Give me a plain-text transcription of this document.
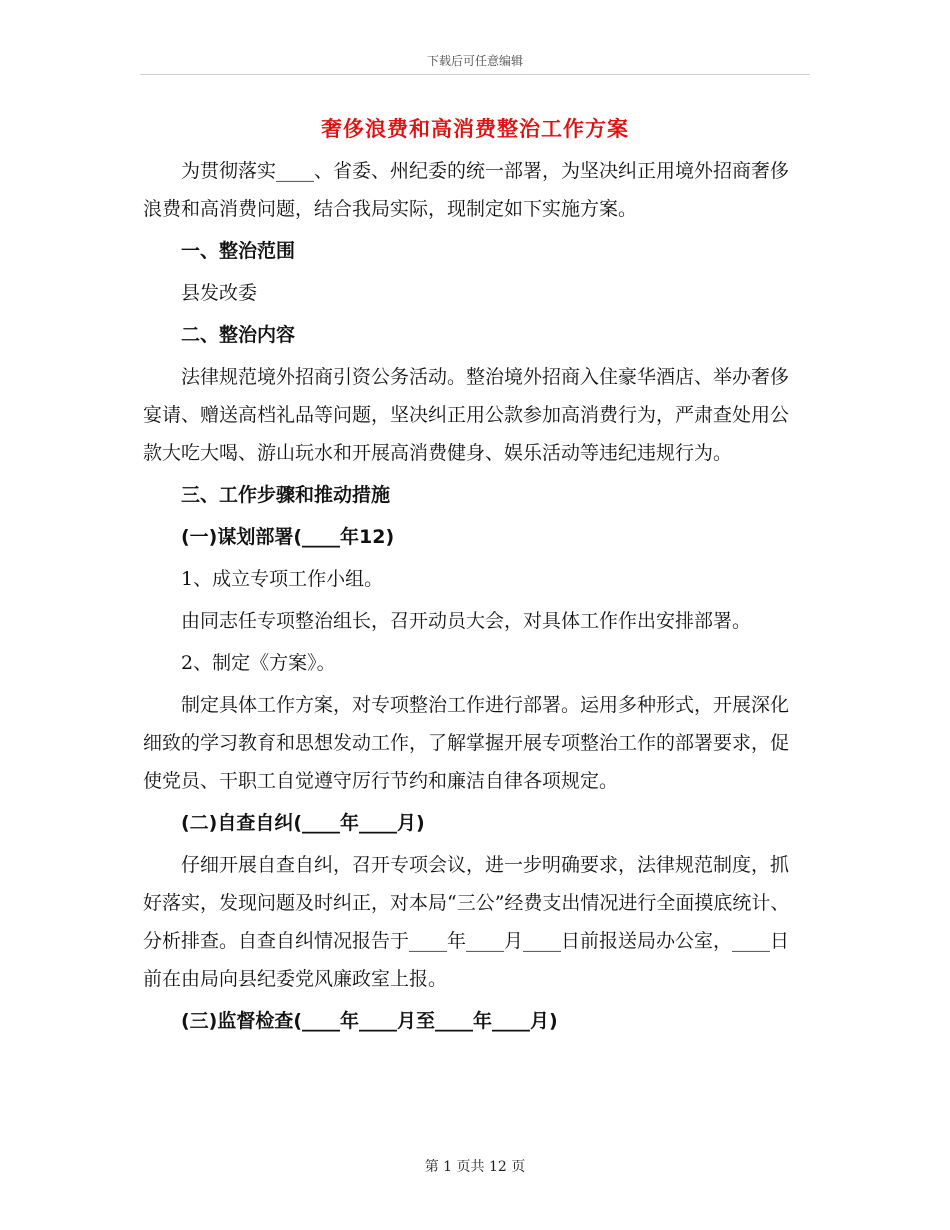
下载后可任意编辑
奢侈浪费和高消费整治工作方案

为贯彻落实____、省委、州纪委的统一部署，为坚决纠正用境外招商奢侈浪费和高消费问题，结合我局实际，现制定如下实施方案。

一、整治范围

县发改委

二、整治内容

法律规范境外招商引资公务活动。整治境外招商入住豪华酒店、举办奢侈宴请、赠送高档礼品等问题，坚决纠正用公款参加高消费行为，严肃查处用公款大吃大喝、游山玩水和开展高消费健身、娱乐活动等违纪违规行为。

三、工作步骤和推动措施

(一)谋划部署(____年12)

1、成立专项工作小组。

由同志任专项整治组长，召开动员大会，对具体工作作出安排部署。

2、制定《方案》。

制定具体工作方案，对专项整治工作进行部署。运用多种形式，开展深化细致的学习教育和思想发动工作，了解掌握开展专项整治工作的部署要求，促使党员、干职工自觉遵守厉行节约和廉洁自律各项规定。

(二)自查自纠(____年____月)

仔细开展自查自纠，召开专项会议，进一步明确要求，法律规范制度，抓好落实，发现问题及时纠正，对本局“三公”经费支出情况进行全面摸底统计、分析排查。自查自纠情况报告于____年____月____日前报送局办公室，____日前在由局向县纪委党风廉政室上报。

(三)监督检查(____年____月至____年____月)

第 1 页共 12 页
